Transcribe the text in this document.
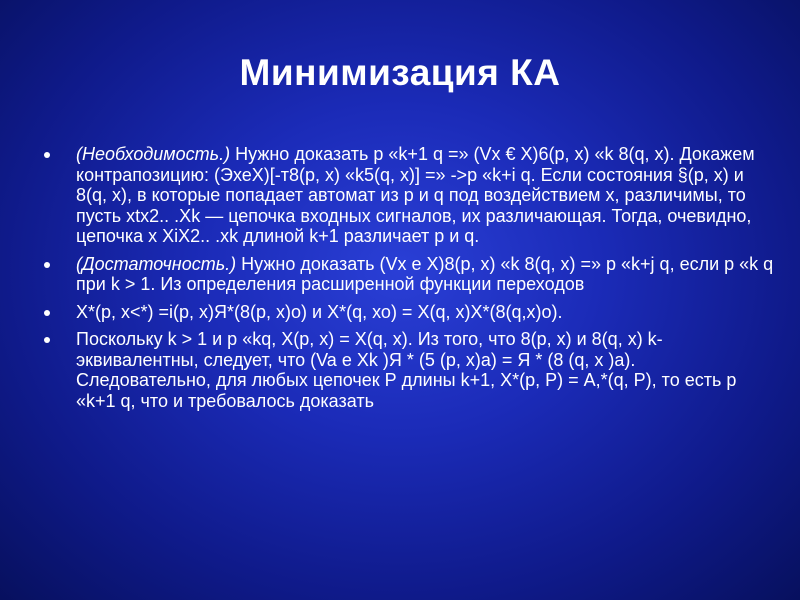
Минимизация КА
(Необходимость.) Нужно доказать р «k+1 q =» (Vx € X)6(p, x) «k 8(q, x). Докажем контрапозицию: (ЭхеХ)[-т8(р, х) «k5(q, x)] =» ->р «k+i q. Если состояния §(р, х) и 8(q, x), в которые попадает автомат из р и q под воздействием х, различимы, то пусть xtx2.. .Xk — цепочка входных сигналов, их различающая. Тогда, очевидно, цепочка х XiX2.. .xk длиной k+1 различает р и q.
(Достаточность.) Нужно доказать (Vx e X)8(p, x) «k 8(q, x) =» p «k+j q, если р «k q при k > 1. Из определения расширенной функции переходов
Х*(р, х<*) =i(p, х)Я*(8(р, х)о) и Х*(q, хо) = X(q, х)Х*(8(q,x)o).
Поскольку k > 1 и р «kq, Х(р, х) = X(q, х). Из того, что 8(р, х) и 8(q, х) k-эквивалентны, следует, что (Va e Xk )Я * (5 (р, х)а) = Я * (8 (q, x )a). Следовательно, для любых цепочек Р длины k+1, Х*(р, Р) = А,*(q, Р), то есть р «k+1 q, что и требовалось доказать
